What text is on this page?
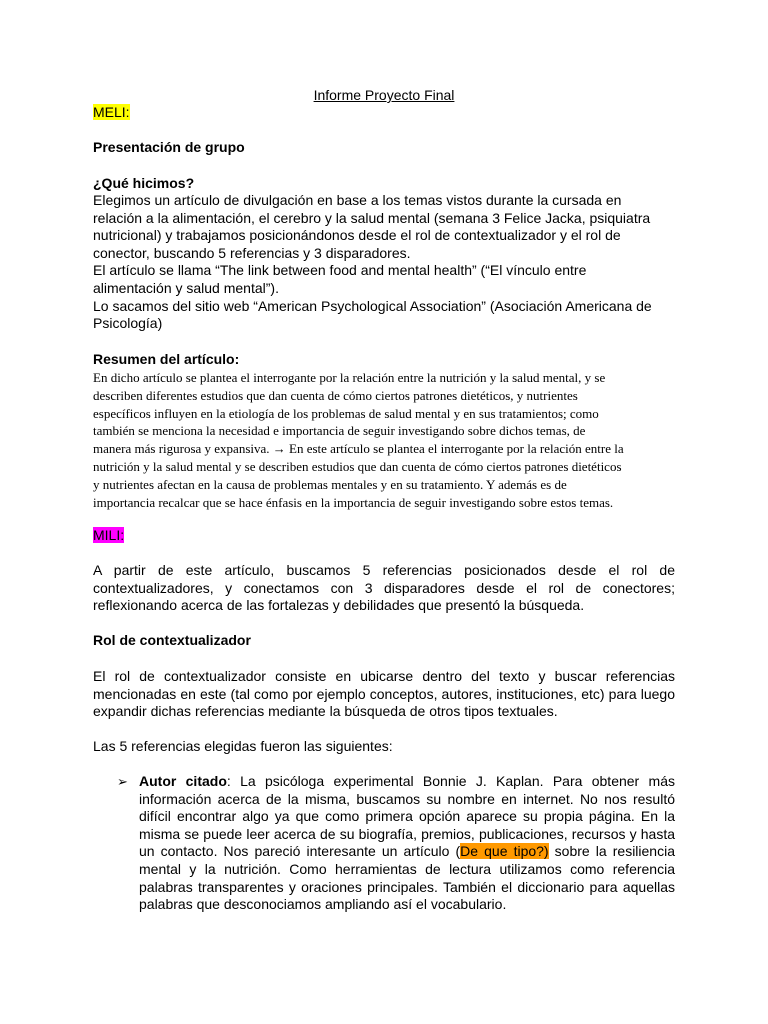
Informe Proyecto Final
MELI:
Presentación de grupo
¿Qué hicimos?
Elegimos un artículo de divulgación en base a los temas vistos durante la cursada en
relación a la alimentación, el cerebro y la salud mental (semana 3 Felice Jacka, psiquiatra
nutricional) y trabajamos posicionándonos desde el rol de contextualizador y el rol de
conector, buscando 5 referencias y 3 disparadores.
El artículo se llama “The link between food and mental health” (“El vínculo entre
alimentación y salud mental”).
Lo sacamos del sitio web “American Psychological Association” (Asociación Americana de
Psicología)
Resumen del artículo:
En dicho artículo se plantea el interrogante por la relación entre la nutrición y la salud mental, y se
describen diferentes estudios que dan cuenta de cómo ciertos patrones dietéticos, y nutrientes
específicos influyen en la etiología de los problemas de salud mental y en sus tratamientos; como
también se menciona la necesidad e importancia de seguir investigando sobre dichos temas, de
manera más rigurosa y expansiva. → En este artículo se plantea el interrogante por la relación entre la
nutrición y la salud mental y se describen estudios que dan cuenta de cómo ciertos patrones dietéticos
y nutrientes afectan en la causa de problemas mentales y en su tratamiento. Y además es de
importancia recalcar que se hace énfasis en la importancia de seguir investigando sobre estos temas.
MILI:
A partir de este artículo, buscamos 5 referencias posicionados desde el rol de contextualizadores, y conectamos con 3 disparadores desde el rol de conectores; reflexionando acerca de las fortalezas y debilidades que presentó la búsqueda.
Rol de contextualizador
El rol de contextualizador consiste en ubicarse dentro del texto y buscar referencias mencionadas en este (tal como por ejemplo conceptos, autores, instituciones, etc) para luego expandir dichas referencias mediante la búsqueda de otros tipos textuales.
Las 5 referencias elegidas fueron las siguientes:
➢ Autor citado: La psicóloga experimental Bonnie J. Kaplan. Para obtener más información acerca de la misma, buscamos su nombre en internet. No nos resultó difícil encontrar algo ya que como primera opción aparece su propia página. En la misma se puede leer acerca de su biografía, premios, publicaciones, recursos y hasta un contacto. Nos pareció interesante un artículo (De que tipo?) sobre la resiliencia mental y la nutrición. Como herramientas de lectura utilizamos como referencia palabras transparentes y oraciones principales. También el diccionario para aquellas palabras que desconociamos ampliando así el vocabulario.
